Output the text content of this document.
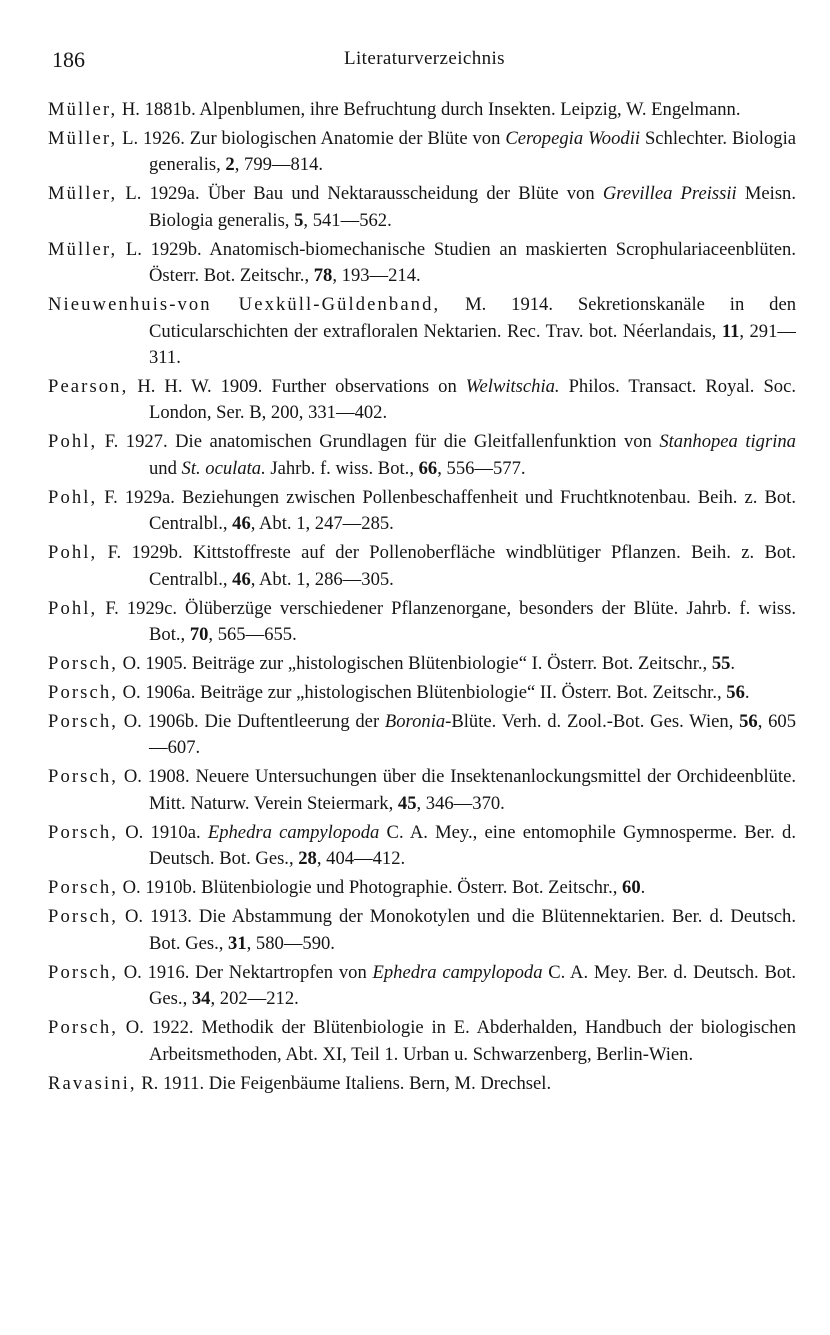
186	Literaturverzeichnis

Müller, H. 1881b. Alpenblumen, ihre Befruchtung durch Insekten. Leipzig, W. Engelmann.

Müller, L. 1926. Zur biologischen Anatomie der Blüte von Ceropegia Woodii Schlechter. Biologia generalis, 2, 799—814.

Müller, L. 1929a. Über Bau und Nektarausscheidung der Blüte von Grevillea Preissii Meisn. Biologia generalis, 5, 541—562.

Müller, L. 1929b. Anatomisch-biomechanische Studien an maskierten Scrophulariaceenblüten. Österr. Bot. Zeitschr., 78, 193—214.

Nieuwenhuis-von Uexküll-Güldenband, M. 1914. Sekretionskanäle in den Cuticularschichten der extrafloralen Nektarien. Rec. Trav. bot. Néerlandais, 11, 291—311.

Pearson, H. H. W. 1909. Further observations on Welwitschia. Philos. Transact. Royal. Soc. London, Ser. B, 200, 331—402.

Pohl, F. 1927. Die anatomischen Grundlagen für die Gleitfallenfunktion von Stanhopea tigrina und St. oculata. Jahrb. f. wiss. Bot., 66, 556—577.

Pohl, F. 1929a. Beziehungen zwischen Pollenbeschaffenheit und Fruchtknotenbau. Beih. z. Bot. Centralbl., 46, Abt. 1, 247—285.

Pohl, F. 1929b. Kittstoffreste auf der Pollenoberfläche windblütiger Pflanzen. Beih. z. Bot. Centralbl., 46, Abt. 1, 286—305.

Pohl, F. 1929c. Ölüberzüge verschiedener Pflanzenorgane, besonders der Blüte. Jahrb. f. wiss. Bot., 70, 565—655.

Porsch, O. 1905. Beiträge zur „histologischen Blütenbiologie“ I. Österr. Bot. Zeitschr., 55.

Porsch, O. 1906a. Beiträge zur „histologischen Blütenbiologie“ II. Österr. Bot. Zeitschr., 56.

Porsch, O. 1906b. Die Duftentleerung der Boronia-Blüte. Verh. d. Zool.-Bot. Ges. Wien, 56, 605—607.

Porsch, O. 1908. Neuere Untersuchungen über die Insektenanlockungsmittel der Orchideenblüte. Mitt. Naturw. Verein Steiermark, 45, 346—370.

Porsch, O. 1910a. Ephedra campylopoda C. A. Mey., eine entomophile Gymnosperme. Ber. d. Deutsch. Bot. Ges., 28, 404—412.

Porsch, O. 1910b. Blütenbiologie und Photographie. Österr. Bot. Zeitschr., 60.

Porsch, O. 1913. Die Abstammung der Monokotylen und die Blütennektarien. Ber. d. Deutsch. Bot. Ges., 31, 580—590.

Porsch, O. 1916. Der Nektartropfen von Ephedra campylopoda C. A. Mey. Ber. d. Deutsch. Bot. Ges., 34, 202—212.

Porsch, O. 1922. Methodik der Blütenbiologie in E. Abderhalden, Handbuch der biologischen Arbeitsmethoden, Abt. XI, Teil 1. Urban u. Schwarzenberg, Berlin-Wien.

Ravasini, R. 1911. Die Feigenbäume Italiens. Bern, M. Drechsel.
